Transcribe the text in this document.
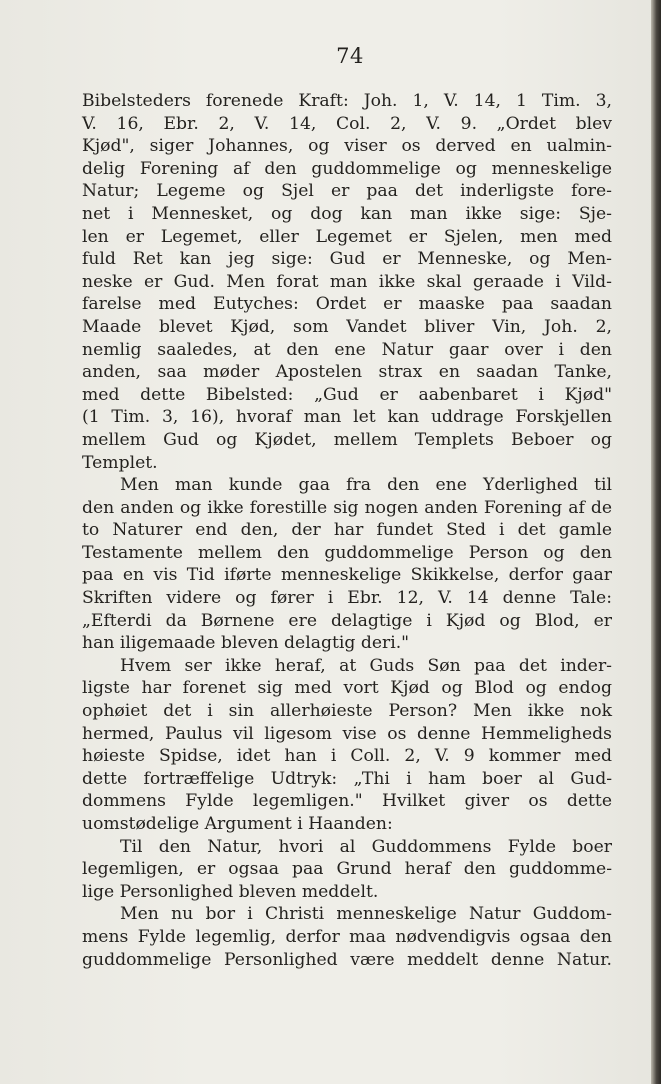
74
Bibelsteders forenede Kraft: Joh. 1, V. 14, 1 Tim. 3,
V. 16, Ebr. 2, V. 14, Col. 2, V. 9. „Ordet blev
Kjød", siger Johannes, og viser os derved en ualmin-
delig Forening af den guddommelige og menneskelige
Natur; Legeme og Sjel er paa det inderligste fore-
net i Mennesket, og dog kan man ikke sige: Sje-
len er Legemet, eller Legemet er Sjelen, men med
fuld Ret kan jeg sige: Gud er Menneske, og Men-
neske er Gud. Men forat man ikke skal geraade i Vild-
farelse med Eutyches: Ordet er maaske paa saadan
Maade blevet Kjød, som Vandet bliver Vin, Joh. 2,
nemlig saaledes, at den ene Natur gaar over i den
anden, saa møder Apostelen strax en saadan Tanke,
med dette Bibelsted: „Gud er aabenbaret i Kjød"
(1 Tim. 3, 16), hvoraf man let kan uddrage Forskjellen
mellem Gud og Kjødet, mellem Templets Beboer og
Templet.
Men man kunde gaa fra den ene Yderlighed til
den anden og ikke forestille sig nogen anden Forening af de
to Naturer end den, der har fundet Sted i det gamle
Testamente mellem den guddommelige Person og den
paa en vis Tid iførte menneskelige Skikkelse, derfor gaar
Skriften videre og fører i Ebr. 12, V. 14 denne Tale:
„Efterdi da Børnene ere delagtige i Kjød og Blod, er
han iligemaade bleven delagtig deri."
Hvem ser ikke heraf, at Guds Søn paa det inder-
ligste har forenet sig med vort Kjød og Blod og endog
ophøiet det i sin allerhøieste Person? Men ikke nok
hermed, Paulus vil ligesom vise os denne Hemmeligheds
høieste Spidse, idet han i Coll. 2, V. 9 kommer med
dette fortræffelige Udtryk: „Thi i ham boer al Gud-
dommens Fylde legemligen." Hvilket giver os dette
uomstødelige Argument i Haanden:
Til den Natur, hvori al Guddommens Fylde boer
legemligen, er ogsaa paa Grund heraf den guddomme-
lige Personlighed bleven meddelt.
Men nu bor i Christi menneskelige Natur Guddom-
mens Fylde legemlig, derfor maa nødvendigvis ogsaa den
guddommelige Personlighed være meddelt denne Natur.
